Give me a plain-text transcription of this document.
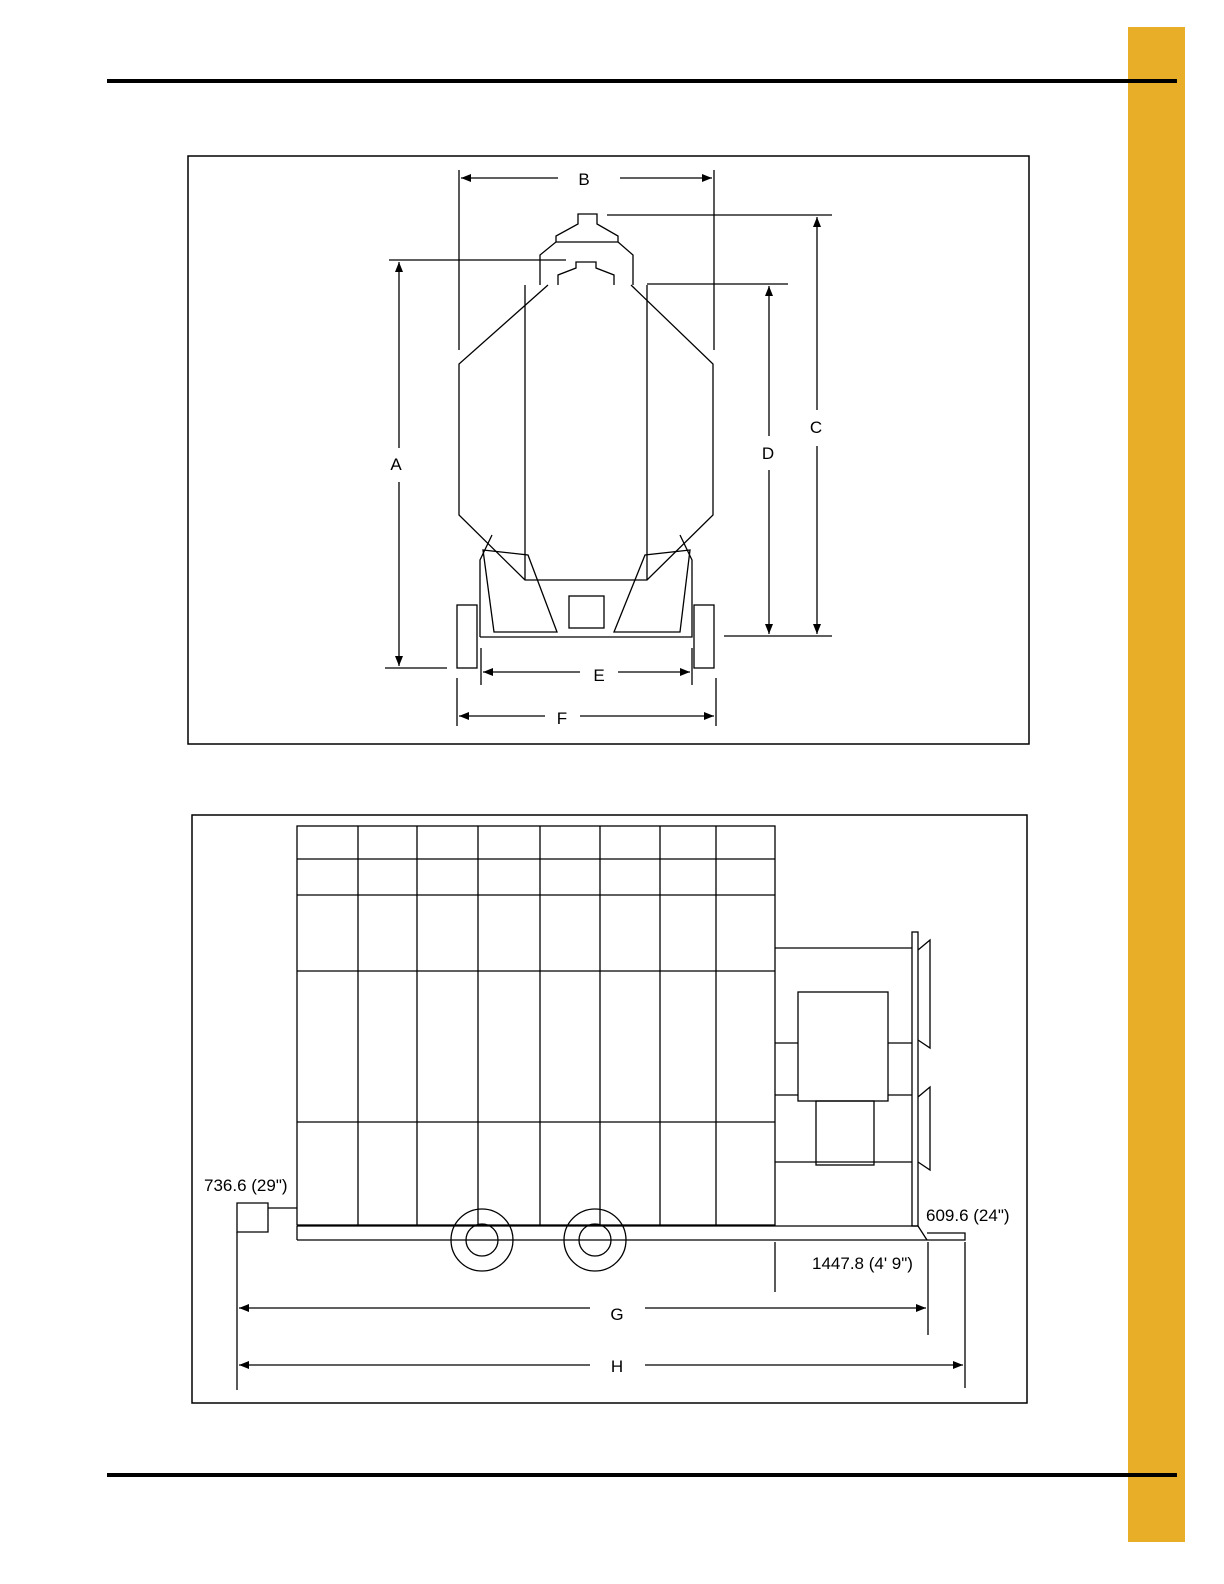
B
A
C
D
E
F
G
H
736.6 (29")
609.6 (24")
1447.8 (4' 9")
